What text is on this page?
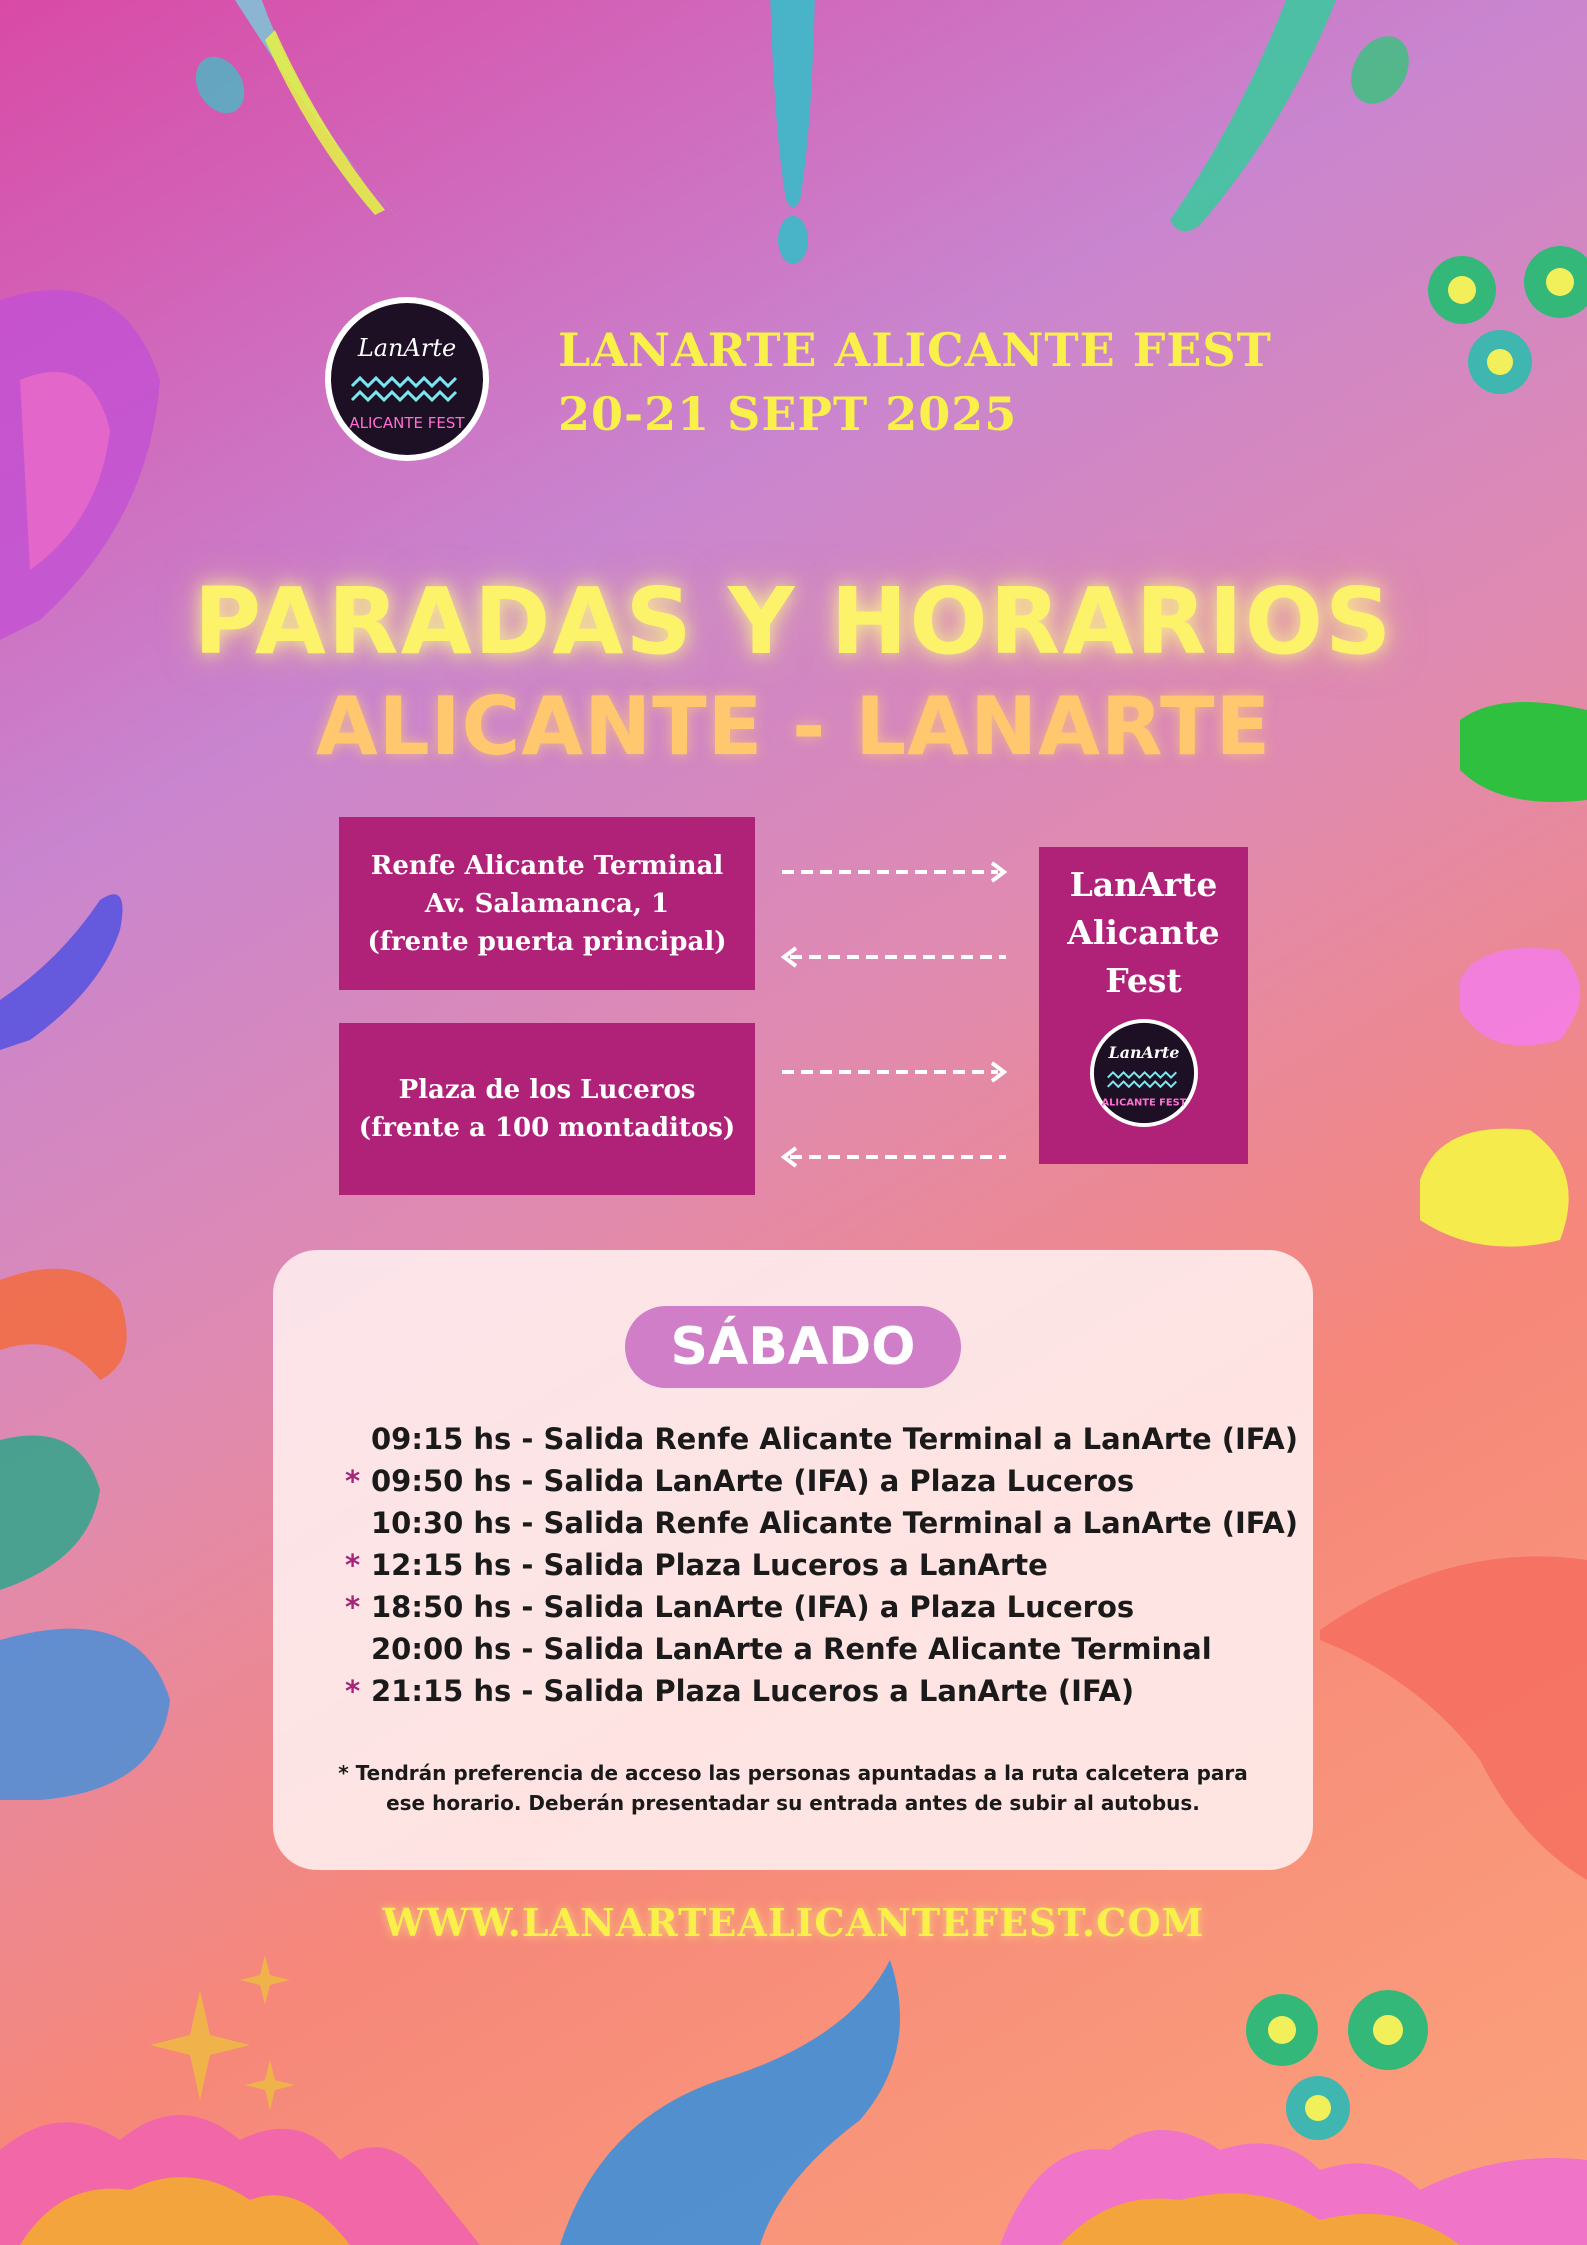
LanArte
ALICANTE FEST
LANARTE ALICANTE FEST
20-21 SEPT 2025
PARADAS Y HORARIOS
ALICANTE - LANARTE
Renfe Alicante Terminal
Av. Salamanca, 1
(frente puerta principal)
Plaza de los Luceros
(frente a 100 montaditos)
LanArte
Alicante
Fest
LanArte
ALICANTE FEST
SÁBADO
09:15 hs - Salida Renfe Alicante Terminal a LanArte (IFA)
* 09:50 hs - Salida LanArte (IFA) a Plaza Luceros
10:30 hs - Salida Renfe Alicante Terminal a LanArte (IFA)
* 12:15 hs - Salida Plaza Luceros a LanArte
* 18:50 hs - Salida LanArte (IFA) a Plaza Luceros
20:00 hs - Salida LanArte a Renfe Alicante Terminal
* 21:15 hs - Salida Plaza Luceros a LanArte (IFA)
* Tendrán preferencia de acceso las personas apuntadas a la ruta calcetera para
ese horario. Deberán presentadar su entrada antes de subir al autobus.
WWW.LANARTEALICANTEFEST.COM
